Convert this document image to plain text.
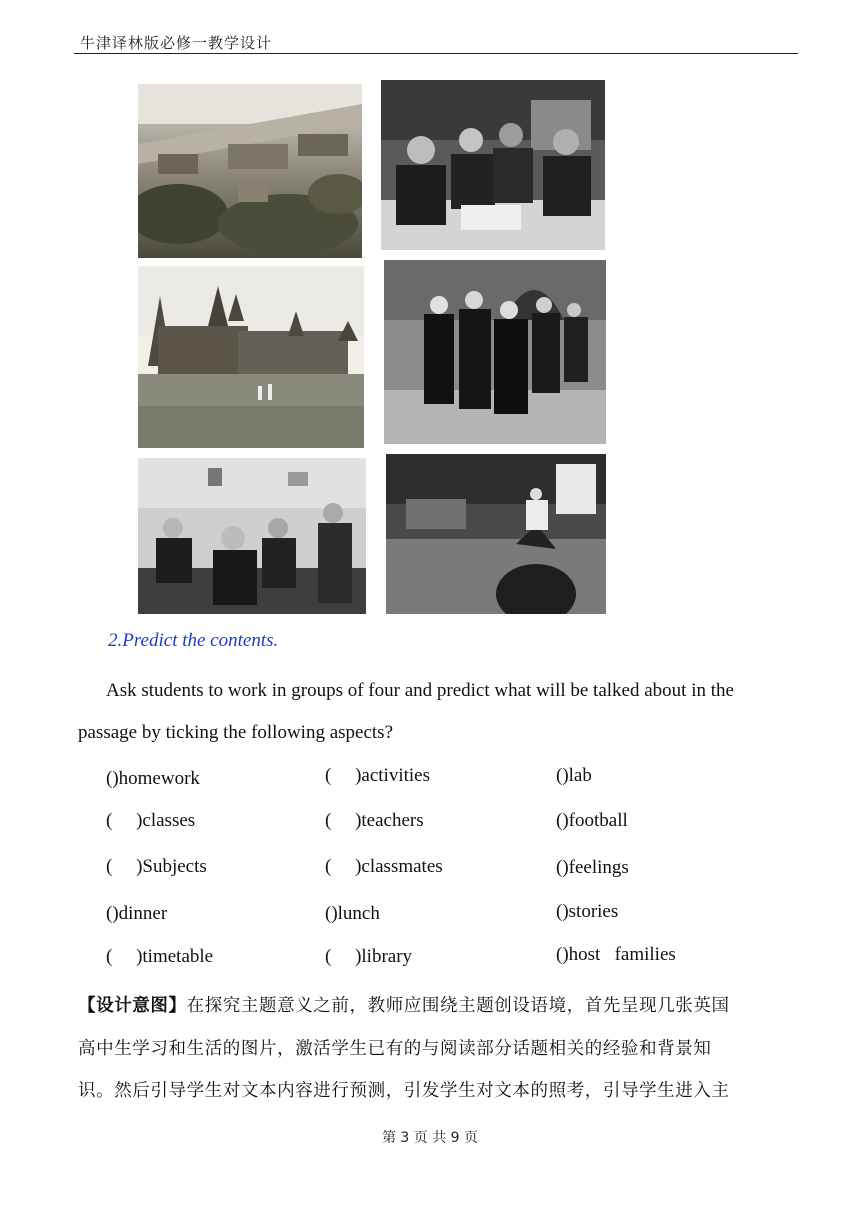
牛津译林版必修一教学设计
2.Predict the contents.
Ask students to work in groups of four and predict what will be talked about in the
passage by ticking the following aspects?
()homework	(     )activities	()lab
(     )classes	(     )teachers	()football
(     )Subjects	(     )classmates	()feelings
()dinner	()lunch	()stories
(     )timetable	(     )library	()host   families
【设计意图】在探究主题意义之前，教师应围绕主题创设语境，首先呈现几张英国
高中生学习和生活的图片，激活学生已有的与阅读部分话题相关的经验和背景知
识。然后引导学生对文本内容进行预测，引发学生对文本的照考，引导学生进入主
第 3 页 共 9 页
